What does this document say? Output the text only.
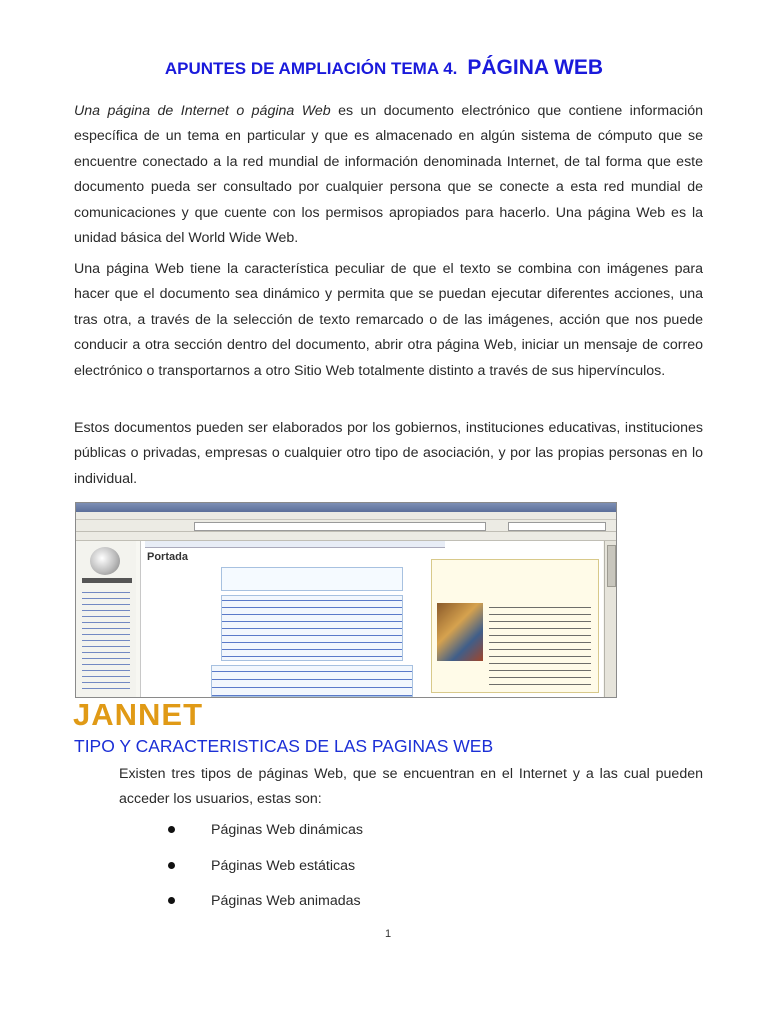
APUNTES DE AMPLIACIÓN TEMA 4. PÁGINA WEB

Una página de Internet o página Web es un documento electrónico que contiene información específica de un tema en particular y que es almacenado en algún sistema de cómputo que se encuentre conectado a la red mundial de información denominada Internet, de tal forma que este documento pueda ser consultado por cualquier persona que se conecte a esta red mundial de comunicaciones y que cuente con los permisos apropiados para hacerlo. Una página Web es la unidad básica del World Wide Web.

Una página Web tiene la característica peculiar de que el texto se combina con imágenes para hacer que el documento sea dinámico y permita que se puedan ejecutar diferentes acciones, una tras otra, a través de la selección de texto remarcado o de las imágenes, acción que nos puede conducir a otra sección dentro del documento, abrir otra página Web, iniciar un mensaje de correo electrónico o transportarnos a otro Sitio Web totalmente distinto a través de sus hipervínculos.

Estos documentos pueden ser elaborados por los gobiernos, instituciones educativas, instituciones públicas o privadas, empresas o cualquier otro tipo de asociación, y por las propias personas en lo individual.

Portada
JANNET
TIPO Y CARACTERISTICAS DE LAS PAGINAS WEB

Existen tres tipos de páginas Web, que se encuentran en el Internet y a las cual pueden acceder los usuarios, estas son:

Páginas Web dinámicas
Páginas Web estáticas
Páginas Web animadas
1
